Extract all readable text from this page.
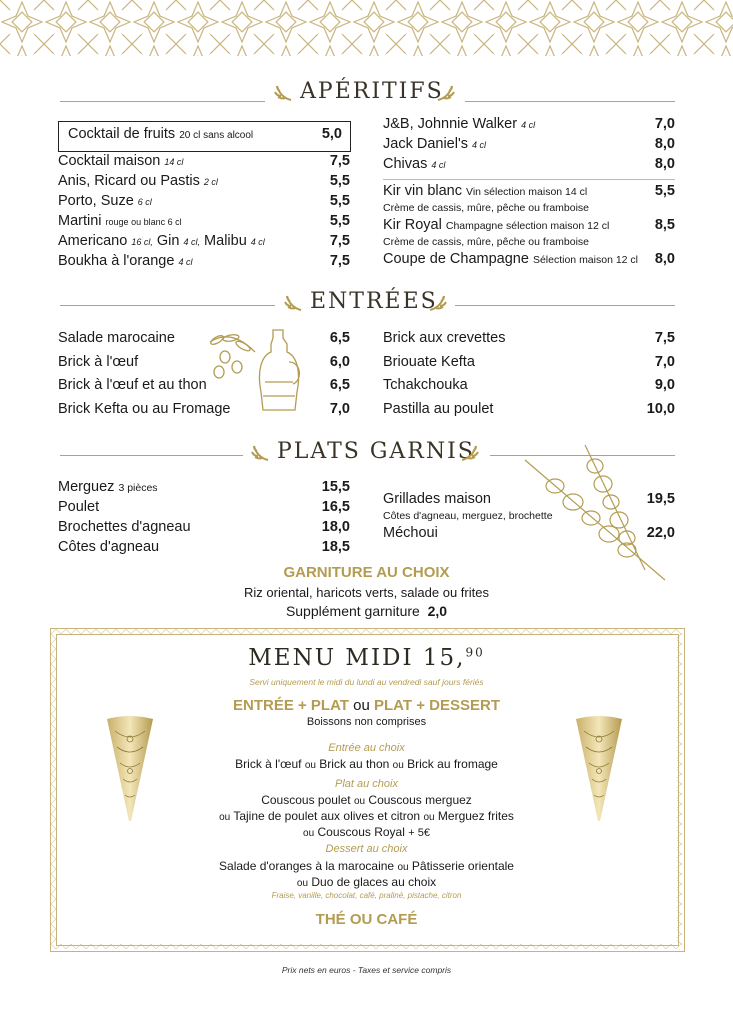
APÉRITIFS
Cocktail de fruits 20 cl sans alcool	5,0
Cocktail maison 14 cl	7,5
Anis, Ricard ou Pastis 2 cl	5,5
Porto, Suze 6 cl	5,5
Martini rouge ou blanc 6 cl	5,5
Americano 16 cl, Gin 4 cl, Malibu 4 cl	7,5
Boukha à l'orange 4 cl	7,5
J&B, Johnnie Walker 4 cl	7,0
Jack Daniel's 4 cl	8,0
Chivas 4 cl	8,0
Kir vin blanc Vin sélection maison 14 cl	5,5
Crème de cassis, mûre, pêche ou framboise
Kir Royal Champagne sélection maison 12 cl	8,5
Crème de cassis, mûre, pêche ou framboise
Coupe de Champagne Sélection maison 12 cl 8,0
ENTRÉES
Salade marocaine	6,5
Brick à l'œuf	6,0
Brick à l'œuf et au thon	6,5
Brick Kefta ou au Fromage	7,0
Brick aux crevettes	7,5
Briouate Kefta	7,0
Tchakchouka	9,0
Pastilla au poulet	10,0
PLATS GARNIS
Merguez 3 pièces	15,5
Poulet	16,5
Brochettes d'agneau	18,0
Côtes d'agneau	18,5
Grillades maison	19,5
Côtes d'agneau, merguez, brochette
Méchoui	22,0
GARNITURE AU CHOIX
Riz oriental, haricots verts, salade ou frites
Supplément garniture 2,0
MENU MIDI 15,90
Servi uniquement le midi du lundi au vendredi sauf jours fériés
ENTRÉE + PLAT ou PLAT + DESSERT
Boissons non comprises
Entrée au choix
Brick à l'œuf ou Brick au thon ou Brick au fromage
Plat au choix
Couscous poulet ou Couscous merguez
ou Tajine de poulet aux olives et citron ou Merguez frites
ou Couscous Royal + 5€
Dessert au choix
Salade d'oranges à la marocaine ou Pâtisserie orientale
ou Duo de glaces au choix
Fraise, vanille, chocolat, café, praliné, pistache, citron
THÉ OU CAFÉ
Prix nets en euros - Taxes et service compris
